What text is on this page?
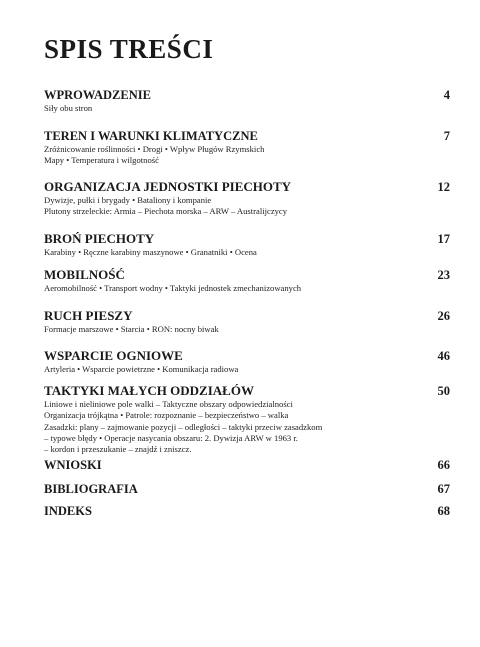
SPIS TREŚCI
WPROWADZENIE	4
Siły obu stron
TEREN I WARUNKI KLIMATYCZNE	7
Zróżnicowanie roślinności • Drogi • Wpływ Pługów Rzymskich
Mapy • Temperatura i wilgotność
ORGANIZACJA JEDNOSTKI PIECHOTY	12
Dywizje, pułki i brygady • Bataliony i kompanie
Plutony strzeleckie: Armia – Piechota morska – ARW – Australijczycy
BROŃ PIECHOTY	17
Karabiny • Ręczne karabiny maszynowe • Granatniki • Ocena
MOBILNOŚĆ	23
Aeromobilność • Transport wodny • Taktyki jednostek zmechanizowanych
RUCH PIESZY	26
Formacje marszowe • Starcia • RON: nocny biwak
WSPARCIE OGNIOWE	46
Artyleria • Wsparcie powietrzne • Komunikacja radiowa
TAKTYKI MAŁYCH ODDZIAŁÓW	50
Liniowe i nieliniowe pole walki – Taktyczne obszary odpowiedzialności
Organizacja trójkątna • Patrole: rozpoznanie – bezpieczeństwo – walka
Zasadzki: plany – zajmowanie pozycji – odległości – taktyki przeciw zasadzkom
– typowe błędy • Operacje nasycania obszaru: 2. Dywizja ARW w 1963 r.
– kordon i przeszukanie – znajdź i zniszcz.
WNIOSKI	66
BIBLIOGRAFIA	67
INDEKS	68
